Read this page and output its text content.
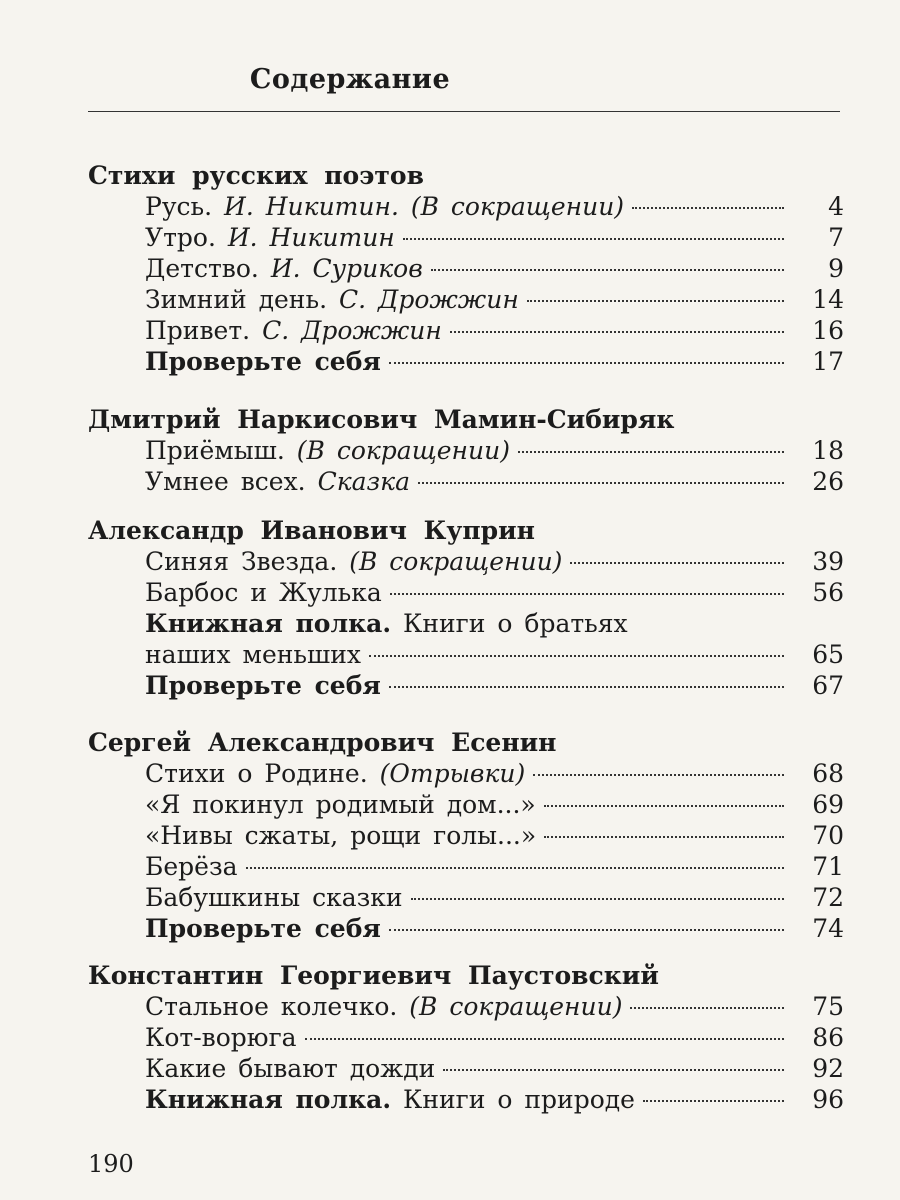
Содержание
Стихи русских поэтов
Русь. И. Никитин. (В сокращении)	4
Утро. И. Никитин	7
Детство. И. Суриков	9
Зимний день. С. Дрожжин	14
Привет. С. Дрожжин	16
Проверьте себя	17
Дмитрий Наркисович Мамин-Сибиряк
Приёмыш. (В сокращении)	18
Умнее всех. Сказка	26
Александр Иванович Куприн
Синяя Звезда. (В сокращении)	39
Барбос и Жулька	56
Книжная полка. Книги о братьях
наших меньших	65
Проверьте себя	67
Сергей Александрович Есенин
Стихи о Родине. (Отрывки)	68
«Я покинул родимый дом...»	69
«Нивы сжаты, рощи голы...»	70
Берёза	71
Бабушкины сказки	72
Проверьте себя	74
Константин Георгиевич Паустовский
Стальное колечко. (В сокращении)	75
Кот-ворюга	86
Какие бывают дожди	92
Книжная полка. Книги о природе	96
190
